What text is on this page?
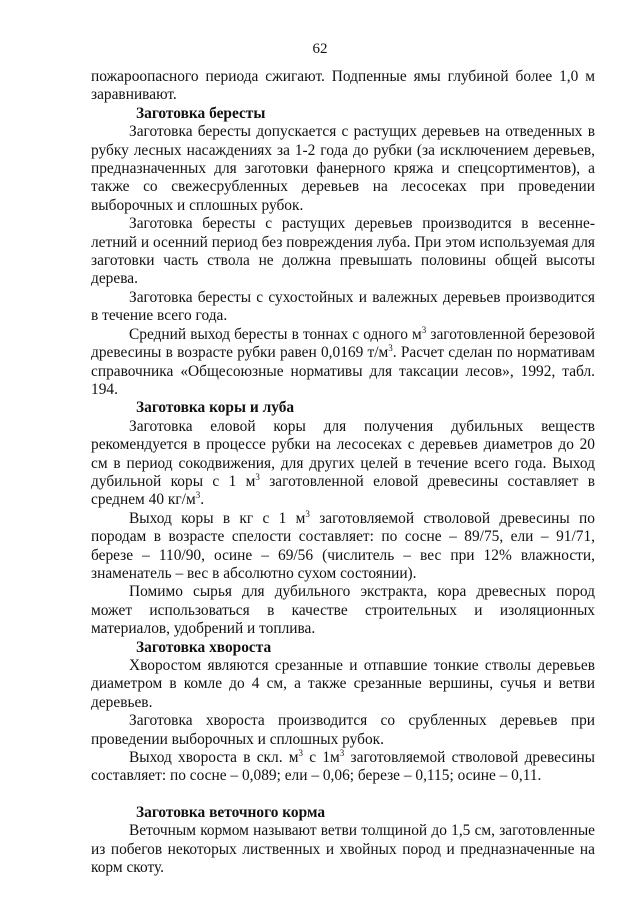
62

пожароопасного периода сжигают. Подпенные ямы глубиной более 1,0 м заравнивают.

Заготовка бересты

Заготовка бересты допускается с растущих деревьев на отведенных в рубку лесных насаждениях за 1-2 года до рубки (за исключением деревьев, предназначенных для заготовки фанерного кряжа и спецсортиментов), а также со свежесрубленных деревьев на лесосеках при проведении выборочных и сплошных рубок.

Заготовка бересты с растущих деревьев производится в весенне-летний и осенний период без повреждения луба. При этом используемая для заготовки часть ствола не должна превышать половины общей высоты дерева.

Заготовка бересты с сухостойных и валежных деревьев производится в течение всего года.

Средний выход бересты в тоннах с одного $м^3$ заготовленной березовой древесины в возрасте рубки равен 0,0169 $т/м^3$. Расчет сделан по нормативам справочника «Общесоюзные нормативы для таксации лесов», 1992, табл. 194.

Заготовка коры и луба

Заготовка еловой коры для получения дубильных веществ рекомендуется в процессе рубки на лесосеках с деревьев диаметров до 20 см в период сокодвижения, для других целей в течение всего года. Выход дубильной коры с 1 $м^3$ заготовленной еловой древесины составляет в среднем 40 $кг/м^3$.

Выход коры в кг с 1 $м^3$ заготовляемой стволовой древесины по породам в возрасте спелости составляет: по сосне – 89/75, ели – 91/71, березе – 110/90, осине – 69/56 (числитель – вес при 12% влажности, знаменатель – вес в абсолютно сухом состоянии).

Помимо сырья для дубильного экстракта, кора древесных пород может использоваться в качестве строительных и изоляционных материалов, удобрений и топлива.

Заготовка хвороста

Хворостом являются срезанные и отпавшие тонкие стволы деревьев диаметром в комле до 4 см, а также срезанные вершины, сучья и ветви деревьев.

Заготовка хвороста производится со срубленных деревьев при проведении выборочных и сплошных рубок.

Выход хвороста в скл. $м^3$ с $1м^3$ заготовляемой стволовой древесины составляет: по сосне – 0,089; ели – 0,06; березе – 0,115; осине – 0,11.

Заготовка веточного корма

Веточным кормом называют ветви толщиной до 1,5 см, заготовленные из побегов некоторых лиственных и хвойных пород и предназначенные на корм скоту.
